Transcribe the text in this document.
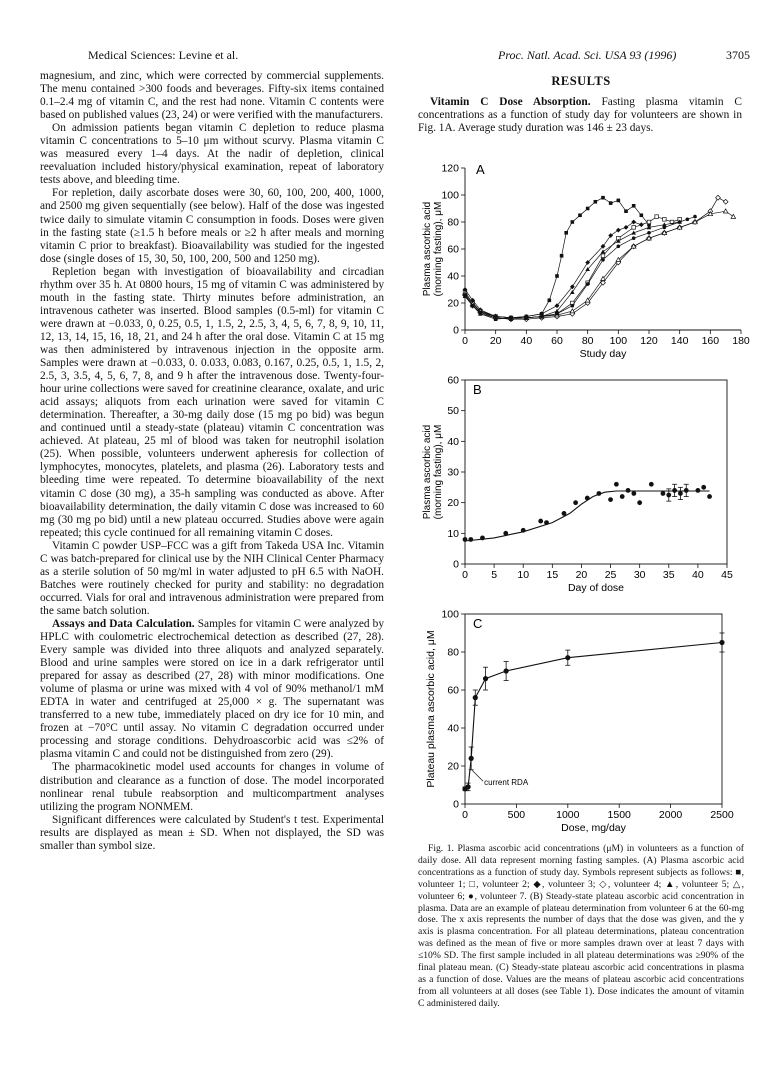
Medical Sciences: Levine et al.	Proc. Natl. Acad. Sci. USA 93 (1996)	3705

magnesium, and zinc, which were corrected by commercial supplements. The menu contained >300 foods and beverages. Fifty-six items contained 0.1–2.4 mg of vitamin C, and the rest had none. Vitamin C contents were based on published values (23, 24) or were verified with the manufacturers.

On admission patients began vitamin C depletion to reduce plasma vitamin C concentrations to 5–10 μm without scurvy. Plasma vitamin C was measured every 1–4 days. At the nadir of depletion, clinical reevaluation included history/physical examination, repeat of laboratory tests above, and bleeding time.

For repletion, daily ascorbate doses were 30, 60, 100, 200, 400, 1000, and 2500 mg given sequentially (see below). Half of the dose was ingested twice daily to simulate vitamin C consumption in foods. Doses were given in the fasting state (≥1.5 h before meals or ≥2 h after meals and morning vitamin C prior to breakfast). Bioavailability was studied for the ingested dose (single doses of 15, 30, 50, 100, 200, 500 and 1250 mg).

Repletion began with investigation of bioavailability and circadian rhythm over 35 h. At 0800 hours, 15 mg of vitamin C was administered by mouth in the fasting state. Thirty minutes before administration, an intravenous catheter was inserted. Blood samples (0.5-ml) for vitamin C were drawn at −0.033, 0, 0.25, 0.5, 1, 1.5, 2, 2.5, 3, 4, 5, 6, 7, 8, 9, 10, 11, 12, 13, 14, 15, 16, 18, 21, and 24 h after the oral dose. Vitamin C at 15 mg was then administered by intravenous injection in the opposite arm. Samples were drawn at −0.033, 0. 0.033, 0.083, 0.167, 0.25, 0.5, 1, 1.5, 2, 2.5, 3, 3.5, 4, 5, 6, 7, 8, and 9 h after the intravenous dose. Twenty-four-hour urine collections were saved for creatinine clearance, oxalate, and uric acid assays; aliquots from each urination were saved for vitamin C determination. Thereafter, a 30-mg daily dose (15 mg po bid) was begun and continued until a steady-state (plateau) vitamin C concentration was achieved. At plateau, 25 ml of blood was taken for neutrophil isolation (25). When possible, volunteers underwent apheresis for collection of lymphocytes, monocytes, platelets, and plasma (26). Laboratory tests and bleeding time were repeated. To determine bioavailability of the next vitamin C dose (30 mg), a 35-h sampling was conducted as above. After bioavailability determination, the daily vitamin C dose was increased to 60 mg (30 mg po bid) until a new plateau occurred. Studies above were again repeated; this cycle continued for all remaining vitamin C doses.

Vitamin C powder USP–FCC was a gift from Takeda USA Inc. Vitamin C was batch-prepared for clinical use by the NIH Clinical Center Pharmacy as a sterile solution of 50 mg/ml in water adjusted to pH 6.5 with NaOH. Batches were routinely checked for purity and stability: no degradation occurred. Vials for oral and intravenous administration were prepared from the same batch solution.

Assays and Data Calculation. Samples for vitamin C were analyzed by HPLC with coulometric electrochemical detection as described (27, 28). Every sample was divided into three aliquots and analyzed separately. Blood and urine samples were stored on ice in a dark refrigerator until prepared for assay as described (27, 28) with minor modifications. One volume of plasma or urine was mixed with 4 vol of 90% methanol/1 mM EDTA in water and centrifuged at 25,000 × g. The supernatant was transferred to a new tube, immediately placed on dry ice for 10 min, and frozen at −70°C until assay. No vitamin C degradation occurred under processing and storage conditions. Dehydroascorbic acid was ≤2% of plasma vitamin C and could not be distinguished from zero (29).

The pharmacokinetic model used accounts for changes in volume of distribution and clearance as a function of dose. The model incorporated nonlinear renal tubule reabsorption and multicompartment analyses utilizing the program NONMEM.

Significant differences were calculated by Student's t test. Experimental results are displayed as mean ± SD. When not displayed, the SD was smaller than symbol size.

RESULTS

Vitamin C Dose Absorption. Fasting plasma vitamin C concentrations as a function of study day for volunteers are shown in Fig. 1A. Average study duration was 146 ± 23 days.

0 20 40 60 80 100 120 140 160 180
0
20
40
60
80
100
120 A
Study day
Plasma ascorbic acid (morning fasting), μM
0 5 10 15 20 25 30 35 40 45
0
10
20
30
40
50
60
B
Day of dose
Plasma ascorbic acid (morning fasting), μM
0	500	1000	1500	2000	2500
0
20
40
60
80
100
C
Dose, mg/day
Plateau plasma ascorbic acid, μM	current RDA

Fig. 1. Plasma ascorbic acid concentrations (μM) in volunteers as a function of daily dose. All data represent morning fasting samples. (A) Plasma ascorbic acid concentrations as a function of study day. Symbols represent subjects as follows: ■, volunteer 1; □, volunteer 2; ◆, volunteer 3; ◇, volunteer 4; ▲, volunteer 5; △, volunteer 6; ●, volunteer 7. (B) Steady-state plateau ascorbic acid concentration in plasma. Data are an example of plateau determination from volunteer 6 at the 60-mg dose. The x axis represents the number of days that the dose was given, and the y axis is plasma concentration. For all plateau determinations, plateau concentration was defined as the mean of five or more samples drawn over at least 7 days with ≤10% SD. The first sample included in all plateau determinations was ≥90% of the final plateau mean. (C) Steady-state plateau ascorbic acid concentrations in plasma as a function of dose. Values are the means of plateau ascorbic acid concentrations from all volunteers at all doses (see Table 1). Dose indicates the amount of vitamin C administered daily.
